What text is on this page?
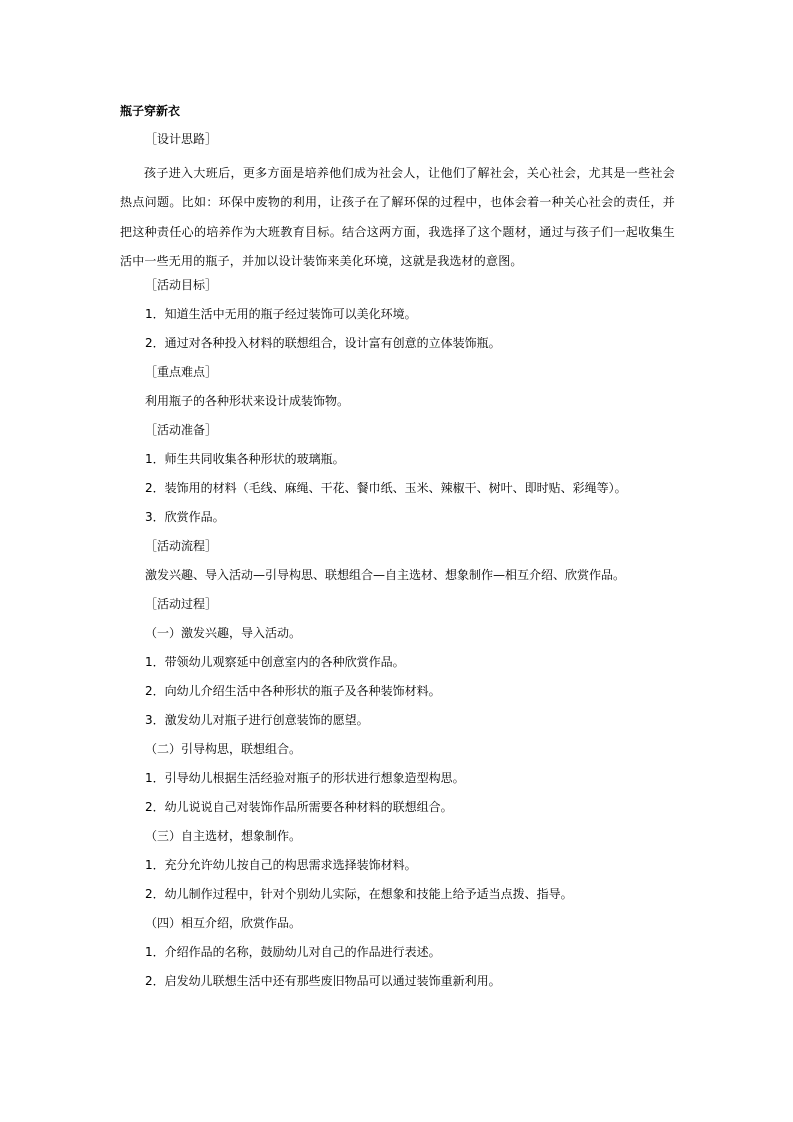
瓶子穿新衣
［设计思路］
孩子进入大班后，更多方面是培养他们成为社会人，让他们了解社会，关心社会，尤其是一些社会热点问题。比如：环保中废物的利用，让孩子在了解环保的过程中，也体会着一种关心社会的责任，并把这种责任心的培养作为大班教育目标。结合这两方面，我选择了这个题材，通过与孩子们一起收集生活中一些无用的瓶子，并加以设计装饰来美化环境，这就是我选材的意图。
［活动目标］
1．知道生活中无用的瓶子经过装饰可以美化环境。
2．通过对各种投入材料的联想组合，设计富有创意的立体装饰瓶。
［重点难点］
利用瓶子的各种形状来设计成装饰物。
［活动准备］
1．师生共同收集各种形状的玻璃瓶。
2．装饰用的材料（毛线、麻绳、干花、餐巾纸、玉米、辣椒干、树叶、即时贴、彩绳等）。
3．欣赏作品。
［活动流程］
激发兴趣、导入活动—引导构思、联想组合—自主选材、想象制作—相互介绍、欣赏作品。
［活动过程］
（一）激发兴趣，导入活动。
1．带领幼儿观察延中创意室内的各种欣赏作品。
2．向幼儿介绍生活中各种形状的瓶子及各种装饰材料。
3．激发幼儿对瓶子进行创意装饰的愿望。
（二）引导构思，联想组合。
1．引导幼儿根据生活经验对瓶子的形状进行想象造型构思。
2．幼儿说说自己对装饰作品所需要各种材料的联想组合。
（三）自主选材，想象制作。
1．充分允许幼儿按自己的构思需求选择装饰材料。
2．幼儿制作过程中，针对个别幼儿实际，在想象和技能上给予适当点拨、指导。
（四）相互介绍，欣赏作品。
1．介绍作品的名称，鼓励幼儿对自己的作品进行表述。
2．启发幼儿联想生活中还有那些废旧物品可以通过装饰重新利用。
